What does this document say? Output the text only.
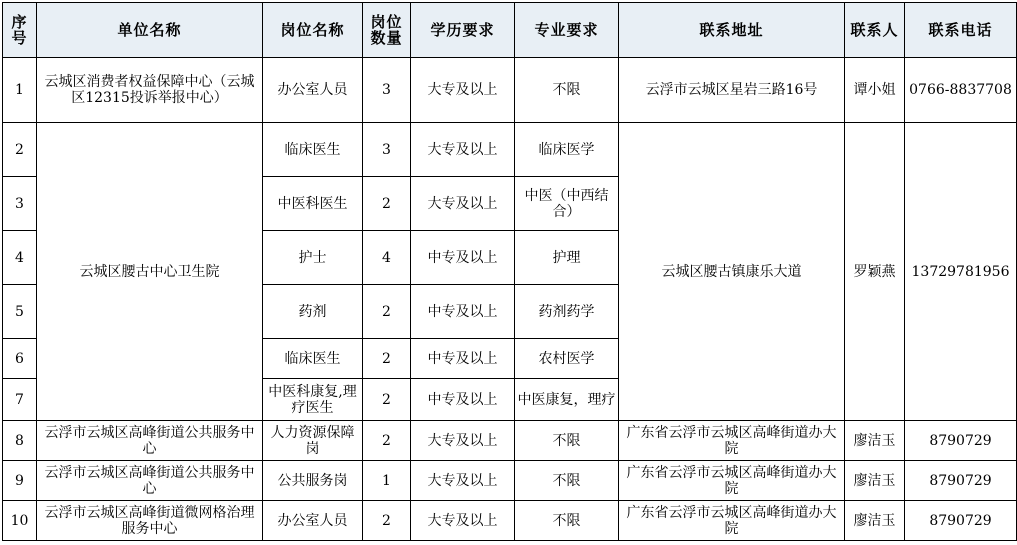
序号	单位名称	岗位名称	岗位数量	学历要求	专业要求	联系地址	联系人	联系电话
1	云城区消费者权益保障中心（云城区12315投诉举报中心）	办公室人员	3	大专及以上	不限	云浮市云城区星岩三路16号	谭小姐	0766-8837708
2	云城区腰古中心卫生院	临床医生	3	大专及以上	临床医学	云城区腰古镇康乐大道	罗颖燕	13729781956
3		中医科医生	2	大专及以上	中医（中西结合）			
4		护士	4	中专及以上	护理			
5		药剂	2	中专及以上	药剂药学			
6		临床医生	2	中专及以上	农村医学			
7		中医科康复,理疗医生	2	中专及以上	中医康复，理疗			
8	云浮市云城区高峰街道公共服务中心	人力资源保障岗	2	大专及以上	不限	广东省云浮市云城区高峰街道办大院	廖洁玉	8790729
9	云浮市云城区高峰街道公共服务中心	公共服务岗	1	大专及以上	不限	广东省云浮市云城区高峰街道办大院	廖洁玉	8790729
10	云浮市云城区高峰街道微网格治理服务中心	办公室人员	2	大专及以上	不限	广东省云浮市云城区高峰街道办大院	廖洁玉	8790729
